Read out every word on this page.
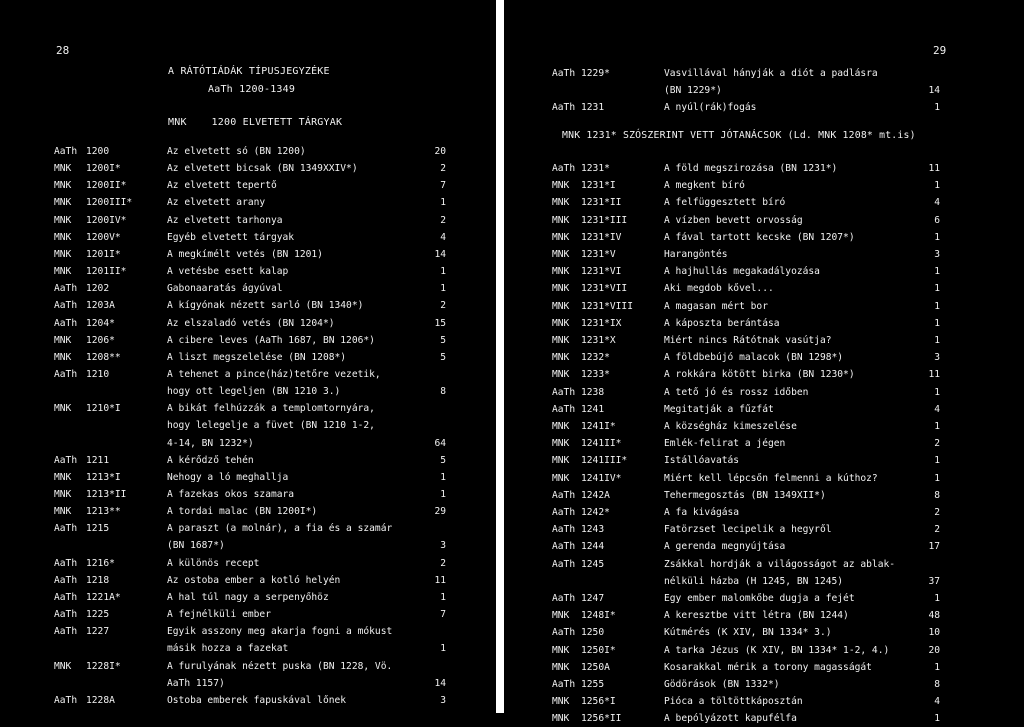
28
A RÁTÓTIÁDÁK TÍPUSJEGYZÉKE
AaTh 1200-1349
MNK    1200 ELVETETT TÁRGYAK
AaTh 1200	Az elvetett só (BN 1200)	20
MNK 1200I*	Az elvetett bicsak (BN 1349XXIV*)	2
MNK 1200II*	Az elvetett tepertő	7
MNK 1200III*	Az elvetett arany	1
MNK 1200IV*	Az elvetett tarhonya	2
MNK 1200V*	Egyéb elvetett tárgyak	4
MNK 1201I*	A megkímélt vetés (BN 1201)	14
MNK 1201II*	A vetésbe esett kalap	1
AaTh 1202	Gabonaaratás ágyúval	1
AaTh 1203A	A kígyónak nézett sarló (BN 1340*)	2
AaTh 1204*	Az elszaladó vetés (BN 1204*)	15
MNK 1206*	A cibere leves (AaTh 1687, BN 1206*)	5
MNK 1208**	A liszt megszelelése (BN 1208*)	5
AaTh 1210	A tehenet a pince(ház)tetőre vezetik,
hogy ott legeljen (BN 1210 3.)	8
MNK 1210*I	A bikát felhúzzák a templomtornyára,
hogy lelegelje a füvet (BN 1210 1-2,
4-14, BN 1232*)	64
AaTh 1211	A kérődző tehén	5
MNK 1213*I	Nehogy a ló meghallja	1
MNK 1213*II	A fazekas okos szamara	1
MNK 1213**	A tordai malac (BN 1200I*)	29
AaTh 1215	A paraszt (a molnár), a fia és a szamár
(BN 1687*)	3
AaTh 1216*	A különös recept	2
AaTh 1218	Az ostoba ember a kotló helyén	11
AaTh 1221A*	A hal túl nagy a serpenyőhöz	1
AaTh 1225	A fejnélküli ember	7
AaTh 1227	Egyik asszony meg akarja fogni a mókust
másik hozza a fazekat	1
MNK 1228I*	A furulyának nézett puska (BN 1228, Vö.
AaTh 1157)	14
AaTh 1228A	Ostoba emberek fapuskával lőnek	3
29
AaTh 1229*	Vasvillával hányják a diót a padlásra
(BN 1229*)	14
AaTh 1231	A nyúl(rák)fogás	1
MNK 1231* SZÓSZERINT VETT JÓTANÁCSOK (Ld. MNK 1208* mt.is)
AaTh 1231*	A föld megszirozása (BN 1231*)	11
MNK 1231*I	A megkent bíró	1
MNK 1231*II	A felfüggesztett bíró	4
MNK 1231*III	A vízben bevett orvosság	6
MNK 1231*IV	A fával tartott kecske (BN 1207*)	1
MNK 1231*V	Harangöntés	3
MNK 1231*VI	A hajhullás megakadályozása	1
MNK 1231*VII	Aki megdob kővel...	1
MNK 1231*VIII	A magasan mért bor	1
MNK 1231*IX	A káposzta berántása	1
MNK 1231*X	Miért nincs Rátótnak vasútja?	1
MNK 1232*	A földbebújó malacok (BN 1298*)	3
MNK 1233*	A rokkára kötött birka (BN 1230*)	11
AaTh 1238	A tető jó és rossz időben	1
AaTh 1241	Megitatják a fűzfát	4
MNK 1241I*	A községház kimeszelése	1
MNK 1241II*	Emlék-felirat a jégen	2
MNK 1241III*	Istállóavatás	1
MNK 1241IV*	Miért kell lépcsőn felmenni a kúthoz?	1
AaTh 1242A	Tehermegosztás (BN 1349XII*)	8
AaTh 1242*	A fa kivágása	2
AaTh 1243	Fatörzset lecipelik a hegyről	2
AaTh 1244	A gerenda megnyújtása	17
AaTh 1245	Zsákkal hordják a világosságot az ablak-
nélküli házba (H 1245, BN 1245)	37
AaTh 1247	Egy ember malomkőbe dugja a fejét	1
MNK 1248I*	A keresztbe vitt létra (BN 1244)	48
AaTh 1250	Kútmérés (K XIV, BN 1334* 3.)	10
MNK 1250I*	A tarka Jézus (K XIV, BN 1334* 1-2, 4.)	20
MNK 1250A	Kosarakkal mérik a torony magasságát	1
AaTh 1255	Gödörások (BN 1332*)	8
MNK 1256*I	Pióca a töltöttkáposztán	4
MNK 1256*II	A bepólyázott kapufélfa	1
